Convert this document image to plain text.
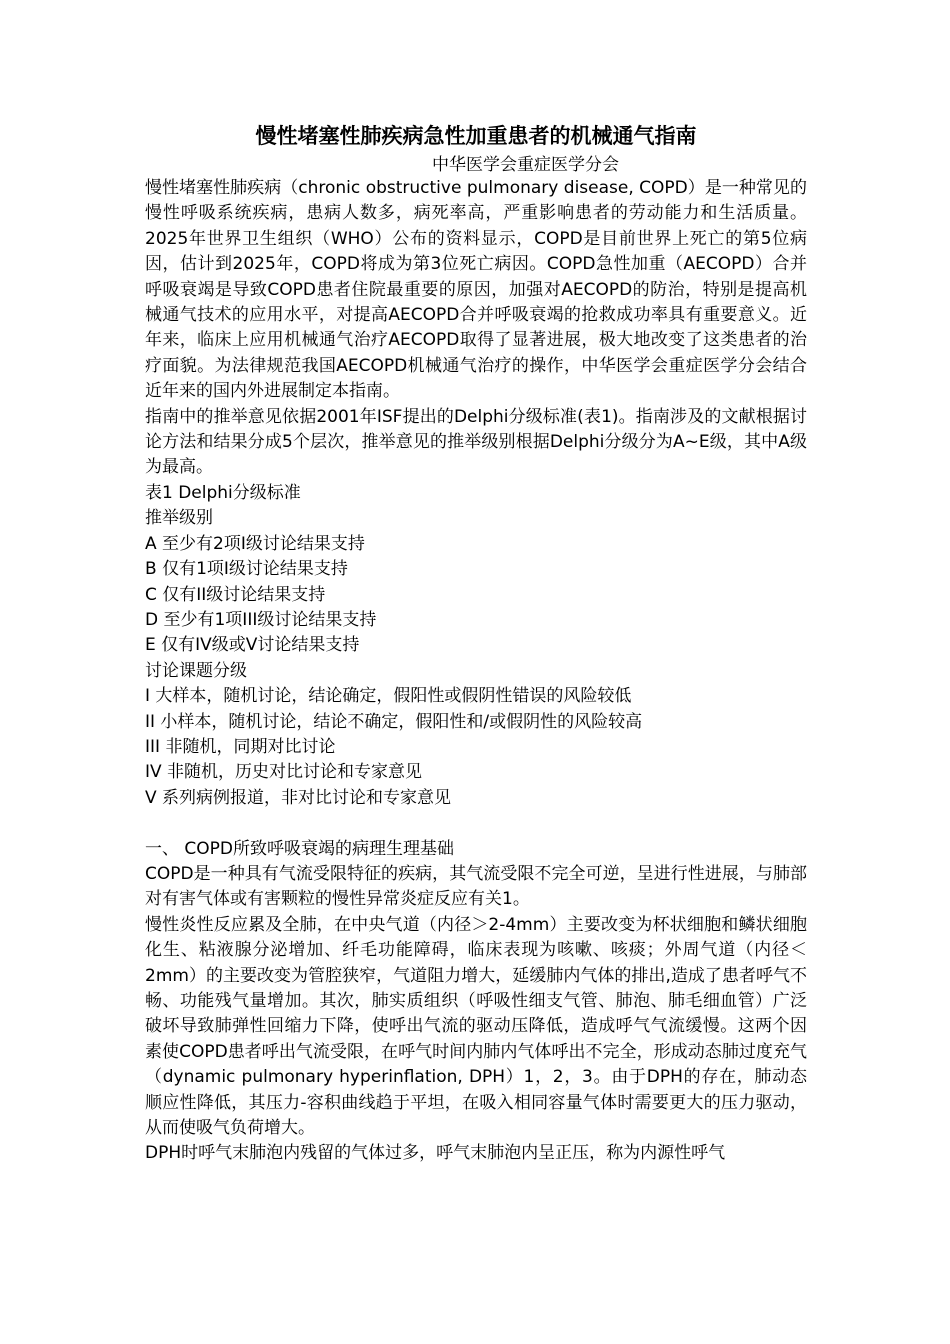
慢性堵塞性肺疾病急性加重患者的机械通气指南

中华医学会重症医学分会

慢性堵塞性肺疾病（chronic obstructive pulmonary disease, COPD）是一种常见的慢性呼吸系统疾病，患病人数多，病死率高，严重影响患者的劳动能力和生活质量。2025年世界卫生组织（WHO）公布的资料显示，COPD是目前世界上死亡的第5位病因，估计到2025年，COPD将成为第3位死亡病因。COPD急性加重（AECOPD）合并呼吸衰竭是导致COPD患者住院最重要的原因，加强对AECOPD的防治，特别是提高机械通气技术的应用水平，对提高AECOPD合并呼吸衰竭的抢救成功率具有重要意义。近年来，临床上应用机械通气治疗AECOPD取得了显著进展，极大地改变了这类患者的治疗面貌。为法律规范我国AECOPD机械通气治疗的操作，中华医学会重症医学分会结合近年来的国内外进展制定本指南。

指南中的推举意见依据2001年ISF提出的Delphi分级标准(表1)。指南涉及的文献根据讨论方法和结果分成5个层次，推举意见的推举级别根据Delphi分级分为A~E级，其中A级为最高。

表1 Delphi分级标准

推举级别

A 至少有2项I级讨论结果支持

B 仅有1项I级讨论结果支持

C 仅有II级讨论结果支持

D 至少有1项III级讨论结果支持

E 仅有IV级或V讨论结果支持

讨论课题分级

I 大样本，随机讨论，结论确定，假阳性或假阴性错误的风险较低

II 小样本，随机讨论，结论不确定，假阳性和/或假阴性的风险较高

III 非随机，同期对比讨论

IV 非随机，历史对比讨论和专家意见

V 系列病例报道，非对比讨论和专家意见

一、 COPD所致呼吸衰竭的病理生理基础

COPD是一种具有气流受限特征的疾病，其气流受限不完全可逆，呈进行性进展，与肺部对有害气体或有害颗粒的慢性异常炎症反应有关1。

慢性炎性反应累及全肺，在中央气道（内径＞2-4mm）主要改变为杯状细胞和鳞状细胞化生、粘液腺分泌增加、纤毛功能障碍，临床表现为咳嗽、咳痰；外周气道（内径＜2mm）的主要改变为管腔狭窄，气道阻力增大，延缓肺内气体的排出,造成了患者呼气不畅、功能残气量增加。其次，肺实质组织（呼吸性细支气管、肺泡、肺毛细血管）广泛破坏导致肺弹性回缩力下降，使呼出气流的驱动压降低，造成呼气气流缓慢。这两个因素使COPD患者呼出气流受限，在呼气时间内肺内气体呼出不完全，形成动态肺过度充气（dynamic pulmonary hyperinflation, DPH）1，2，3。由于DPH的存在，肺动态顺应性降低，其压力-容积曲线趋于平坦，在吸入相同容量气体时需要更大的压力驱动，从而使吸气负荷增大。

DPH时呼气末肺泡内残留的气体过多，呼气末肺泡内呈正压，称为内源性呼气
